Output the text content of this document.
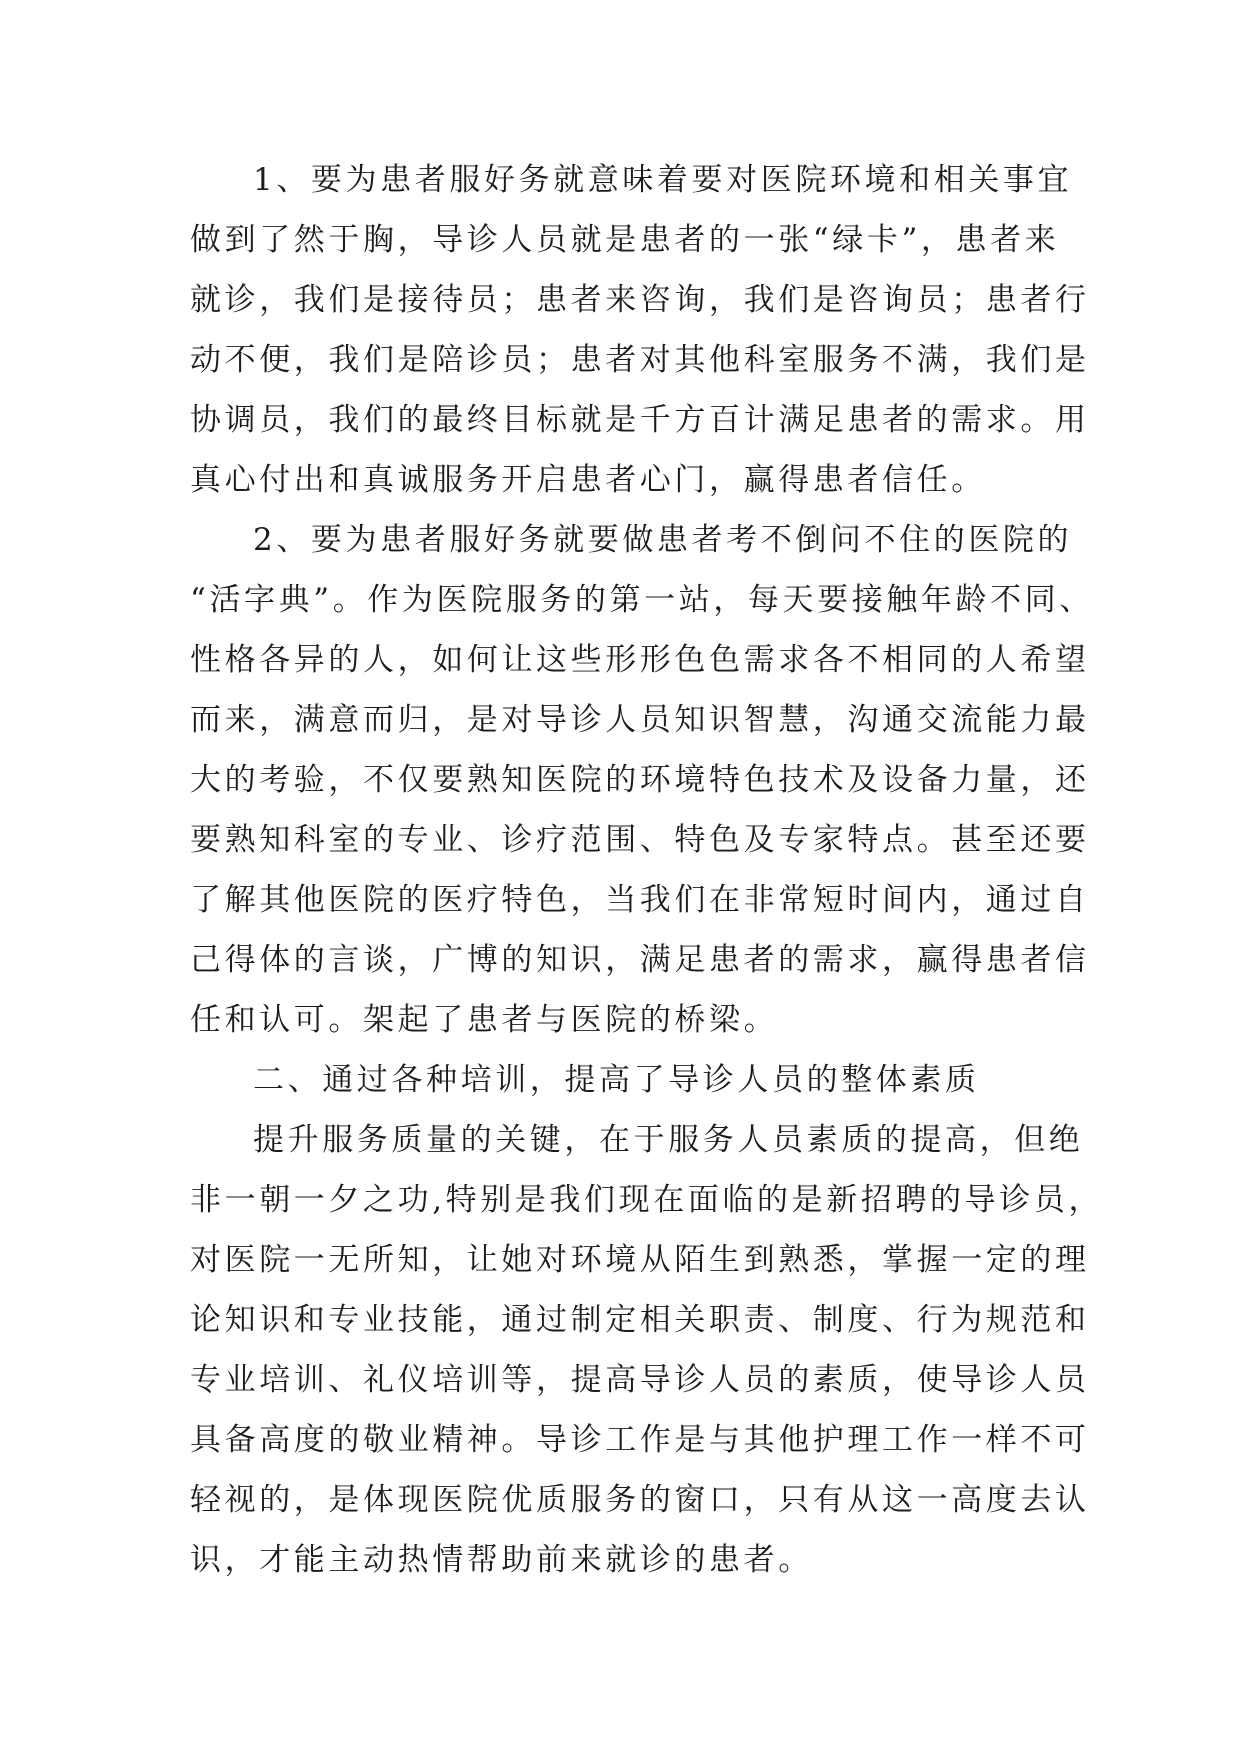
1、要为患者服好务就意味着要对医院环境和相关事宜
做到了然于胸，导诊人员就是患者的一张“绿卡”，患者来
就诊，我们是接待员；患者来咨询，我们是咨询员；患者行
动不便，我们是陪诊员；患者对其他科室服务不满，我们是
协调员，我们的最终目标就是千方百计满足患者的需求。用
真心付出和真诚服务开启患者心门，赢得患者信任。
2、要为患者服好务就要做患者考不倒问不住的医院的
“活字典”。作为医院服务的第一站，每天要接触年龄不同、
性格各异的人，如何让这些形形色色需求各不相同的人希望
而来，满意而归，是对导诊人员知识智慧，沟通交流能力最
大的考验，不仅要熟知医院的环境特色技术及设备力量，还
要熟知科室的专业、诊疗范围、特色及专家特点。甚至还要
了解其他医院的医疗特色，当我们在非常短时间内，通过自
己得体的言谈，广博的知识，满足患者的需求，赢得患者信
任和认可。架起了患者与医院的桥梁。
二、通过各种培训，提高了导诊人员的整体素质
提升服务质量的关键，在于服务人员素质的提高，但绝
非一朝一夕之功,特别是我们现在面临的是新招聘的导诊员，
对医院一无所知，让她对环境从陌生到熟悉，掌握一定的理
论知识和专业技能，通过制定相关职责、制度、行为规范和
专业培训、礼仪培训等，提高导诊人员的素质，使导诊人员
具备高度的敬业精神。导诊工作是与其他护理工作一样不可
轻视的，是体现医院优质服务的窗口，只有从这一高度去认
识，才能主动热情帮助前来就诊的患者。
